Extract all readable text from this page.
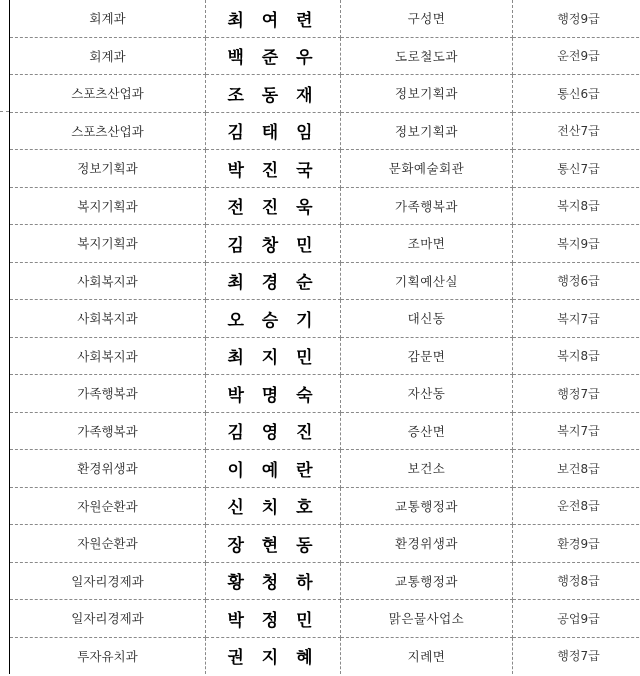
회계과	최 여 련	구성면	행정9급
회계과	백 준 우	도로철도과	운전9급
스포츠산업과	조 동 재	정보기획과	통신6급
스포츠산업과	김 태 임	정보기획과	전산7급
정보기획과	박 진 국	문화예술회관	통신7급
복지기획과	전 진 욱	가족행복과	복지8급
복지기획과	김 창 민	조마면	복지9급
사회복지과	최 경 순	기획예산실	행정6급
사회복지과	오 승 기	대신동	복지7급
사회복지과	최 지 민	감문면	복지8급
가족행복과	박 명 숙	자산동	행정7급
가족행복과	김 영 진	증산면	복지7급
환경위생과	이 예 란	보건소	보건8급
자원순환과	신 치 호	교통행정과	운전8급
자원순환과	장 현 동	환경위생과	환경9급
일자리경제과	황 청 하	교통행정과	행정8급
일자리경제과	박 정 민	맑은물사업소	공업9급
투자유치과	권 지 혜	지례면	행정7급
